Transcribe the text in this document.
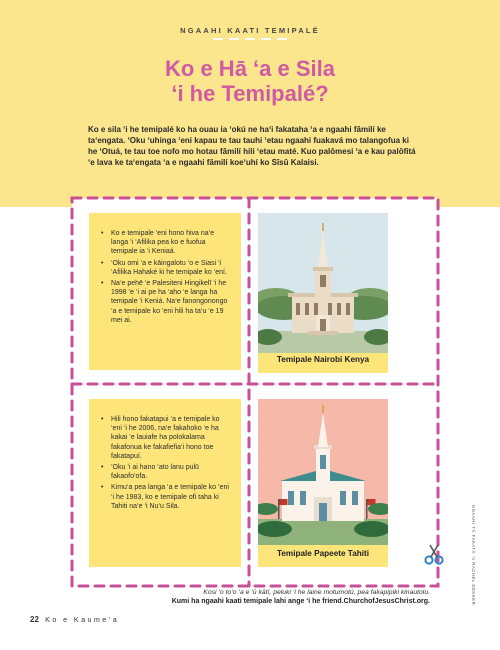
NGAAHI KAATI TEMIPALÉ
Ko e Hā ‘a e Sila
‘i he Temipalé?

Ko e sila ‘i he temipalé ko ha ouau ia ‘okú ne ha‘i fakataha ‘a e ngaahi fāmilí ke ta‘engata. ‘Oku ‘uhinga ‘eni kapau te tau tauhi ‘etau ngaahi fuakavá mo talangofua ki he ‘Otuá, te tau toe nofo mo hotau fāmilí hili ‘etau maté. Kuo palōmesi ‘a e kau palōfitá ‘e lava ke ta‘engata ‘a e ngaahi fāmilí koe‘uhí ko Sīsū Kalaisi.

• Ko e temipale ‘eni hono hiva na‘e langa ‘i ‘Afilika pea ko e fuofua temipale ia ‘i Keniaá.
• ‘Oku omi ‘a e kāingalotu ‘o e Siasi ‘i ‘Afilika Hahaké ki he temipale ko ‘ení.
• Na‘e pehē ‘e Palesiteni Hingikelī ‘i he 1998 ‘e ‘i ai pe ha ‘aho ‘e langa ha temipale ‘i Keniá. Na‘e fanongonongo ‘a e temipale ko ‘eni hili ha ta‘u ‘e 19 mei ai.
Temipale Nairobi Kenya
• Hili hono fakatapui ‘a e temipale ko ‘eni ‘i he 2006, na‘e fakahoko ‘e ha kakai ‘e lauiafe ha polokalama fakafonua ke fakafiefia‘i hono toe fakatapuí.
• ‘Oku ‘i ai hano ‘ato lanu pulū fakaofo‘ofa.
• Kimu‘a pea langa ‘a e temipale ko ‘eni ‘i he 1983, ko e temipale ofi taha ki Tahiti na‘e ‘i Nu‘u Sila.
Temipale Papeete Tahiti	NGAAHI TĀ FAKATĀ ‘A RACHEL DEKKER
Kosi ‘o to‘o ‘a e ‘ū kātí, peluki ‘i he laine motumotú, pea fakapipiki kinautolu.
Kumi ha ngaahi kaati temipale lahi ange ‘i he friend.ChurchofJesusChrist.org.
22 Ko e Kaume‘a
